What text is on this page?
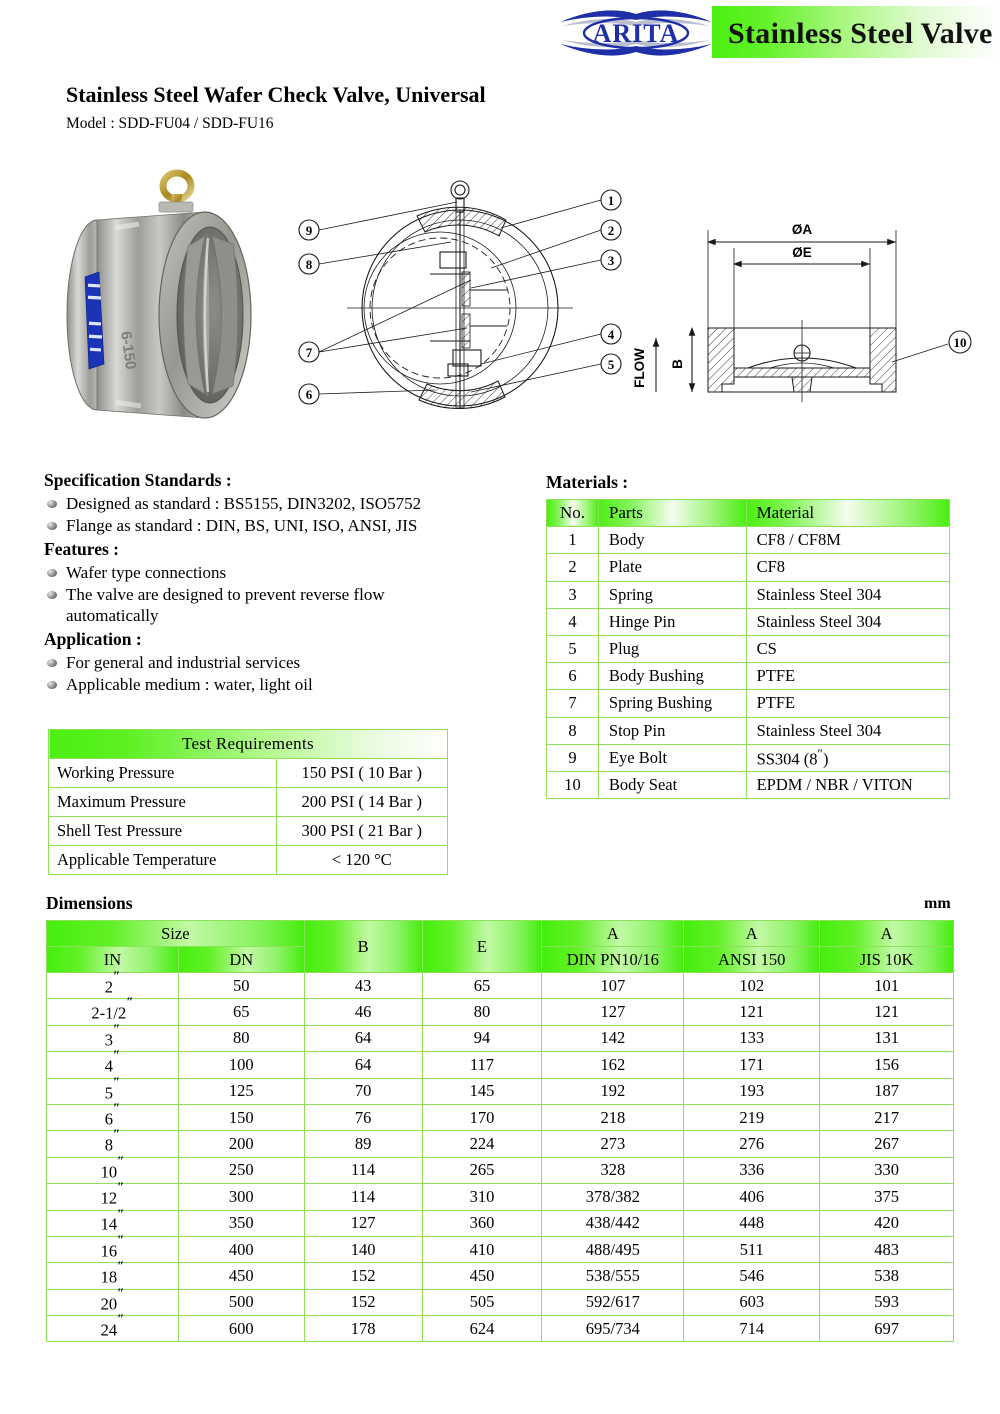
Stainless Steel Valve
ARITA
Stainless Steel Wafer Check Valve, Universal
Model : SDD-FU04 / SDD-FU16
6-150
1
2
3
4
5
9
8
7
6
ØA
ØE
B
FLOW
10
Specification Standards :
Designed as standard : BS5155, DIN3202, ISO5752
Flange as standard : DIN, BS, UNI, ISO, ANSI, JIS
Features :
Wafer type connections
The valve are designed to prevent reverse flow
automatically
Application :
For general and industrial services
Applicable medium : water, light oil
Test Requirements	
Working Pressure	150 PSI ( 10 Bar )
Maximum Pressure	200 PSI ( 14 Bar )
Shell Test Pressure	300 PSI ( 21 Bar )
Applicable Temperature	< 120 °C
Materials :
No.	Parts	Material
1	Body	CF8 / CF8M
2	Plate	CF8
3	Spring	Stainless Steel 304
4	Hinge Pin	Stainless Steel 304
5	Plug	CS
6	Body Bushing	PTFE
7	Spring Bushing	PTFE
8	Stop Pin	Stainless Steel 304
9	Eye Bolt	SS304 (8″)
10	Body Seat	EPDM / NBR / VITON
Dimensions	mm
Size		B	E	A	A	A
IN	DN			DIN PN10/16	ANSI 150	JIS 10K
2″	50	43	65	107	102	101
2-1/2″	65	46	80	127	121	121
3″	80	64	94	142	133	131
4″	100	64	117	162	171	156
5″	125	70	145	192	193	187
6″	150	76	170	218	219	217
8″	200	89	224	273	276	267
10″	250	114	265	328	336	330
12″	300	114	310	378/382	406	375
14″	350	127	360	438/442	448	420
16″	400	140	410	488/495	511	483
18″	450	152	450	538/555	546	538
20″	500	152	505	592/617	603	593
24″	600	178	624	695/734	714	697
